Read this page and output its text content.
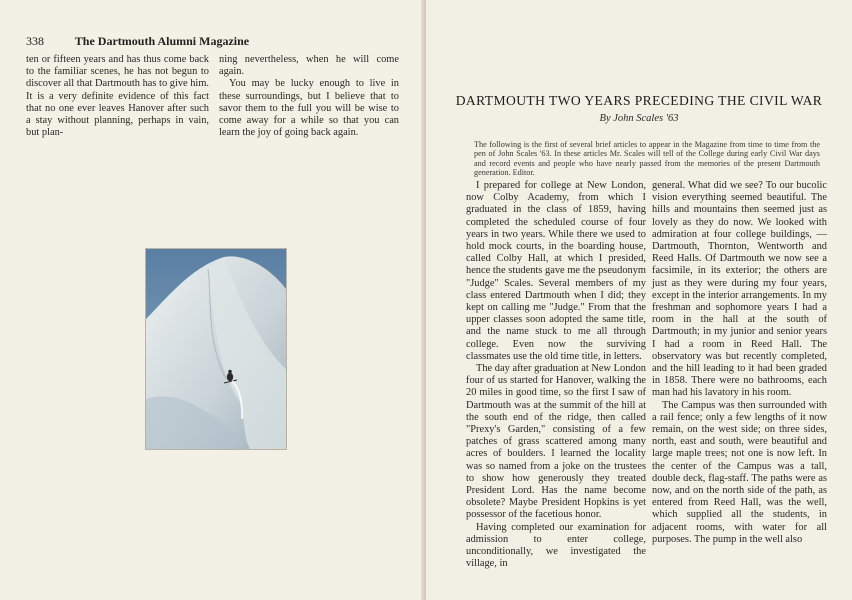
338	The Dartmouth Alumni Magazine

ten or fifteen years and has thus come back to the familiar scenes, he has not begun to discover all that Dartmouth has to give him. It is a very definite evidence of this fact that no one ever leaves Hanover after such a stay without planning, perhaps in vain, but plan-

ning nevertheless, when he will come again.

You may be lucky enough to live in these surroundings, but I believe that to savor them to the full you will be wise to come away for a while so that you can learn the joy of going back again.

DARTMOUTH TWO YEARS PRECEDING THE CIVIL WAR
By John Scales '63
The following is the first of several brief articles to appear in the Magazine from time to time from the pen of John Scales '63. In these articles Mr. Scales will tell of the College during early Civil War days and record events and people who have nearly passed from the memories of the present Dartmouth generation. Editor.

I prepared for college at New London, now Colby Academy, from which I graduated in the class of 1859, having completed the scheduled course of four years in two years. While there we used to hold mock courts, in the boarding house, called Colby Hall, at which I presided, hence the students gave me the pseudonym "Judge" Scales. Several members of my class entered Dartmouth when I did; they kept on calling me "Judge." From that the upper classes soon adopted the same title, and the name stuck to me all through college. Even now the surviving classmates use the old time title, in letters.

The day after graduation at New London four of us started for Hanover, walking the 20 miles in good time, so the first I saw of Dartmouth was at the summit of the hill at the south end of the ridge, then called "Prexy's Garden," consisting of a few patches of grass scattered among many acres of boulders. I learned the locality was so named from a joke on the trustees to show how generously they treated President Lord. Has the name become obsolete? Maybe President Hopkins is yet possessor of the facetious honor.

Having completed our examination for admission to enter college, unconditionally, we investigated the village, in

general. What did we see? To our bucolic vision everything seemed beautiful. The hills and mountains then seemed just as lovely as they do now. We looked with admiration at four college buildings, —Dartmouth, Thornton, Wentworth and Reed Halls. Of Dartmouth we now see a facsimile, in its exterior; the others are just as they were during my four years, except in the interior arrangements. In my freshman and sophomore years I had a room in the hall at the south of Dartmouth; in my junior and senior years I had a room in Reed Hall. The observatory was but recently completed, and the hill leading to it had been graded in 1858. There were no bathrooms, each man had his lavatory in his room.

The Campus was then surrounded with a rail fence; only a few lengths of it now remain, on the west side; on three sides, north, east and south, were beautiful and large maple trees; not one is now left. In the center of the Campus was a tall, double deck, flag-staff. The paths were as now, and on the north side of the path, as entered from Reed Hall, was the well, which supplied all the students, in adjacent rooms, with water for all purposes. The pump in the well also
